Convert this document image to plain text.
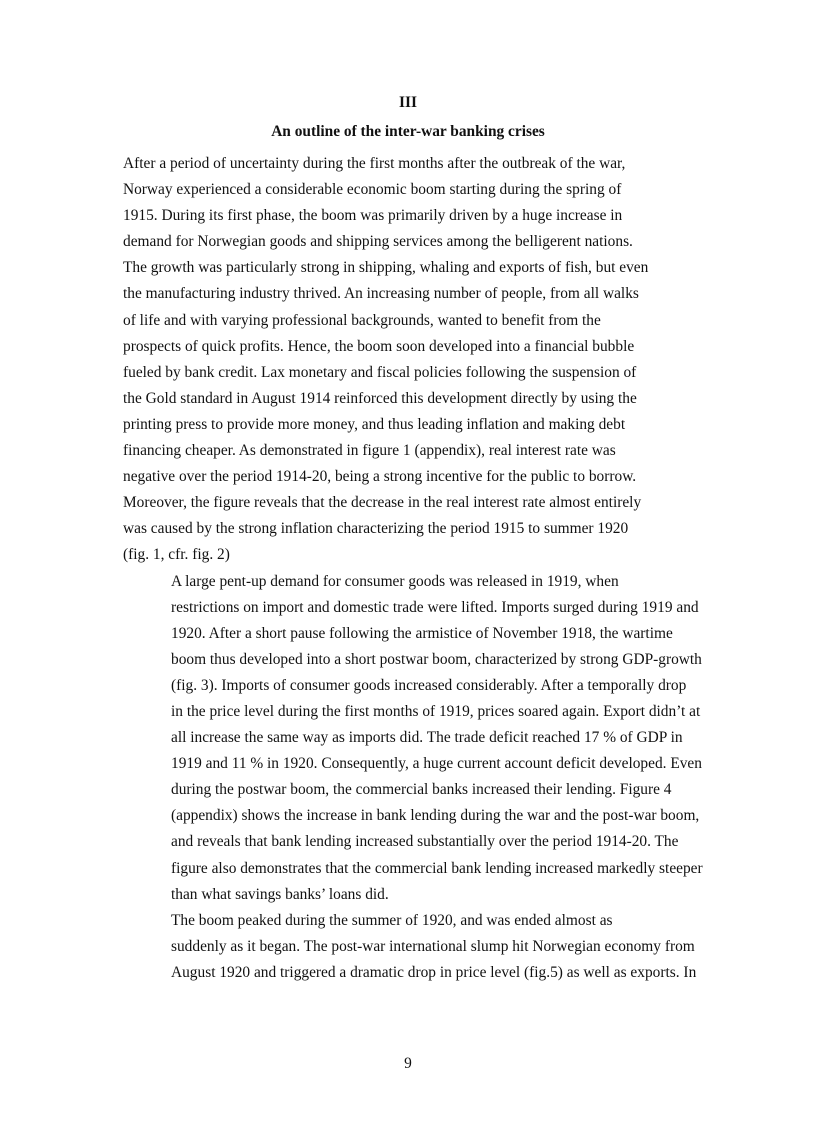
III
An outline of the inter-war banking crises
After a period of uncertainty during the first months after the outbreak of the war,
Norway experienced a considerable economic boom starting during the spring of
1915. During its first phase, the boom was primarily driven by a huge increase in
demand for Norwegian goods and shipping services among the belligerent nations.
The growth was particularly strong in shipping, whaling and exports of fish, but even
the manufacturing industry thrived. An increasing number of people, from all walks
of life and with varying professional backgrounds, wanted to benefit from the
prospects of quick profits. Hence, the boom soon developed into a financial bubble
fueled by bank credit. Lax monetary and fiscal policies following the suspension of
the Gold standard in August 1914 reinforced this development directly by using the
printing press to provide more money, and thus leading inflation and making debt
financing cheaper. As demonstrated in figure 1 (appendix), real interest rate was
negative over the period 1914-20, being a strong incentive for the public to borrow.
Moreover, the figure reveals that the decrease in the real interest rate almost entirely
was caused by the strong inflation characterizing the period 1915 to summer 1920
(fig. 1, cfr. fig. 2)
A large pent-up demand for consumer goods was released in 1919, when
restrictions on import and domestic trade were lifted. Imports surged during 1919 and
1920. After a short pause following the armistice of November 1918, the wartime
boom thus developed into a short postwar boom, characterized by strong GDP-growth
(fig. 3). Imports of consumer goods increased considerably. After a temporally drop
in the price level during the first months of 1919, prices soared again. Export didn’t at
all increase the same way as imports did. The trade deficit reached 17 % of GDP in
1919 and 11 % in 1920. Consequently, a huge current account deficit developed. Even
during the postwar boom, the commercial banks increased their lending. Figure 4
(appendix) shows the increase in bank lending during the war and the post-war boom,
and reveals that bank lending increased substantially over the period 1914-20. The
figure also demonstrates that the commercial bank lending increased markedly steeper
than what savings banks’ loans did.
The boom peaked during the summer of 1920, and was ended almost as
suddenly as it began. The post-war international slump hit Norwegian economy from
August 1920 and triggered a dramatic drop in price level (fig.5) as well as exports. In
9
